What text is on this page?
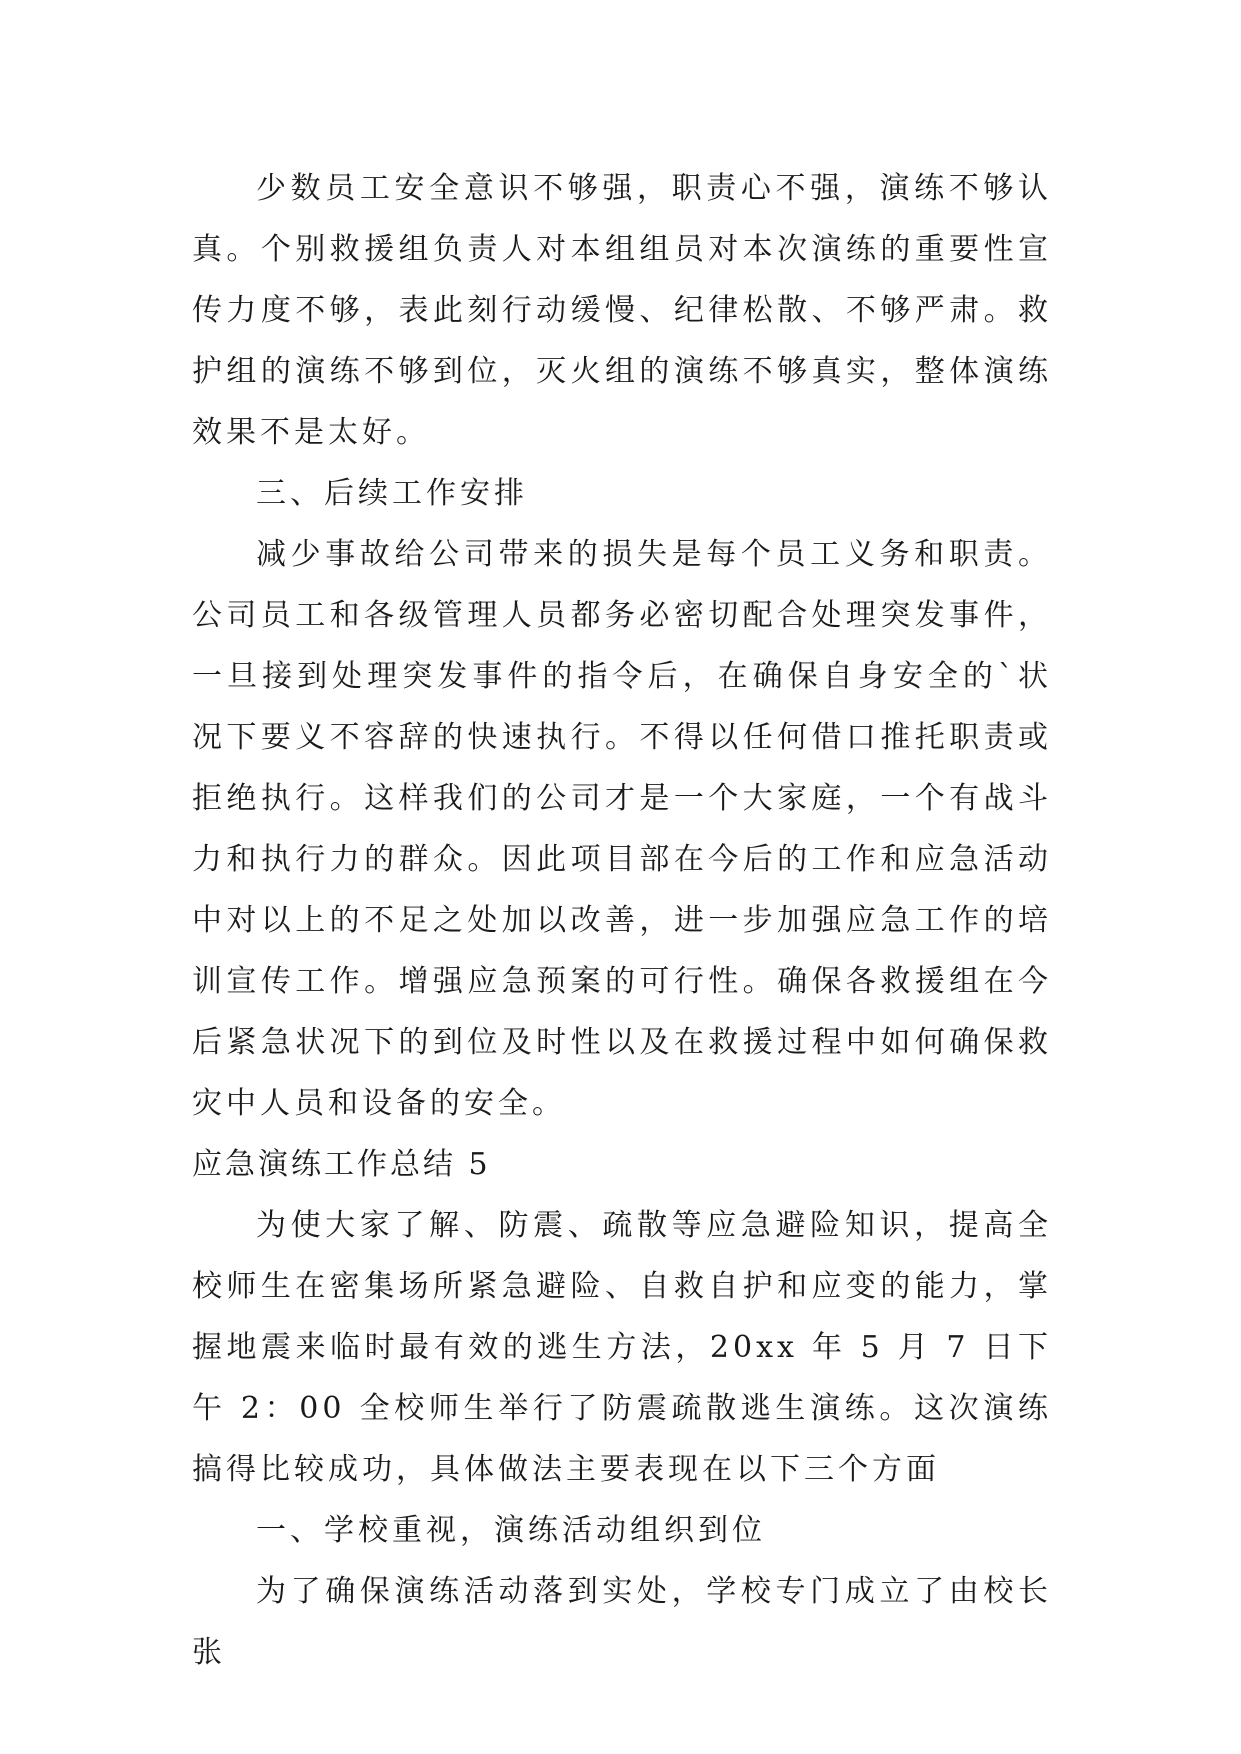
少数员工安全意识不够强，职责心不强，演练不够认真。个别救援组负责人对本组组员对本次演练的重要性宣传力度不够，表此刻行动缓慢、纪律松散、不够严肃。救护组的演练不够到位，灭火组的演练不够真实，整体演练效果不是太好。

三、后续工作安排

减少事故给公司带来的损失是每个员工义务和职责。公司员工和各级管理人员都务必密切配合处理突发事件，一旦接到处理突发事件的指令后，在确保自身安全的`状况下要义不容辞的快速执行。不得以任何借口推托职责或拒绝执行。这样我们的公司才是一个大家庭，一个有战斗力和执行力的群众。因此项目部在今后的工作和应急活动中对以上的不足之处加以改善，进一步加强应急工作的培训宣传工作。增强应急预案的可行性。确保各救援组在今后紧急状况下的到位及时性以及在救援过程中如何确保救灾中人员和设备的安全。

应急演练工作总结 5

为使大家了解、防震、疏散等应急避险知识，提高全校师生在密集场所紧急避险、自救自护和应变的能力，掌握地震来临时最有效的逃生方法，20xx 年 5 月 7 日下午 2：00 全校师生举行了防震疏散逃生演练。这次演练搞得比较成功，具体做法主要表现在以下三个方面

一、学校重视，演练活动组织到位

为了确保演练活动落到实处，学校专门成立了由校长张
